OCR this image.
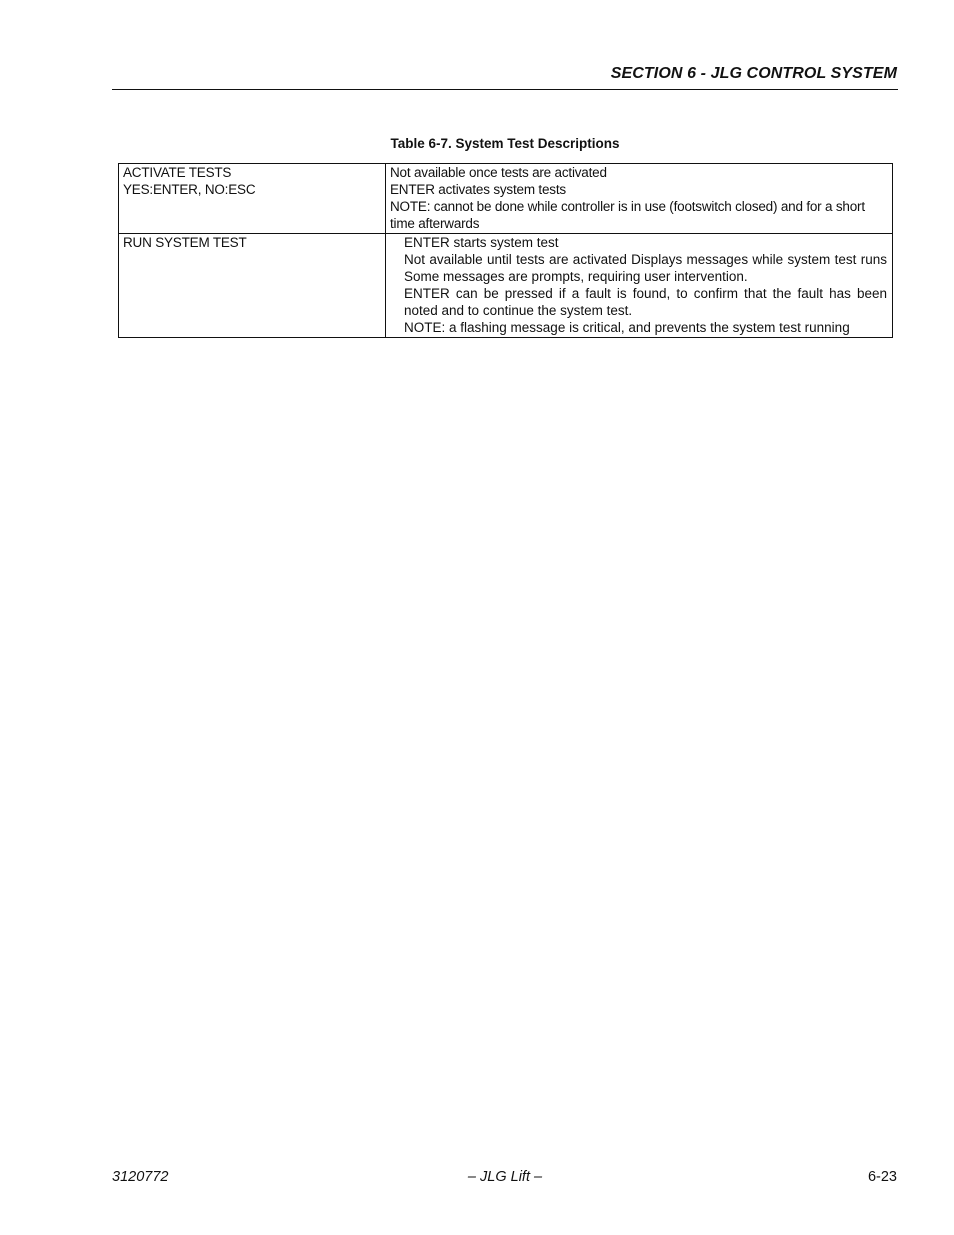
SECTION 6 - JLG CONTROL SYSTEM
Table 6-7. System Test Descriptions
ACTIVATE TESTS
YES:ENTER, NO:ESC	Not available once tests are activated
ENTER activates system tests
NOTE: cannot be done while controller is in use (footswitch closed) and for a short time afterwards

RUN SYSTEM TEST	ENTER starts system test
Not available until tests are activated Displays messages while system test runs Some messages are prompts, requiring user intervention.
ENTER can be pressed if a fault is found, to confirm that the fault has been noted and to continue the system test.
NOTE: a flashing message is critical, and prevents the system test running
3120772	– JLG Lift –	6-23
